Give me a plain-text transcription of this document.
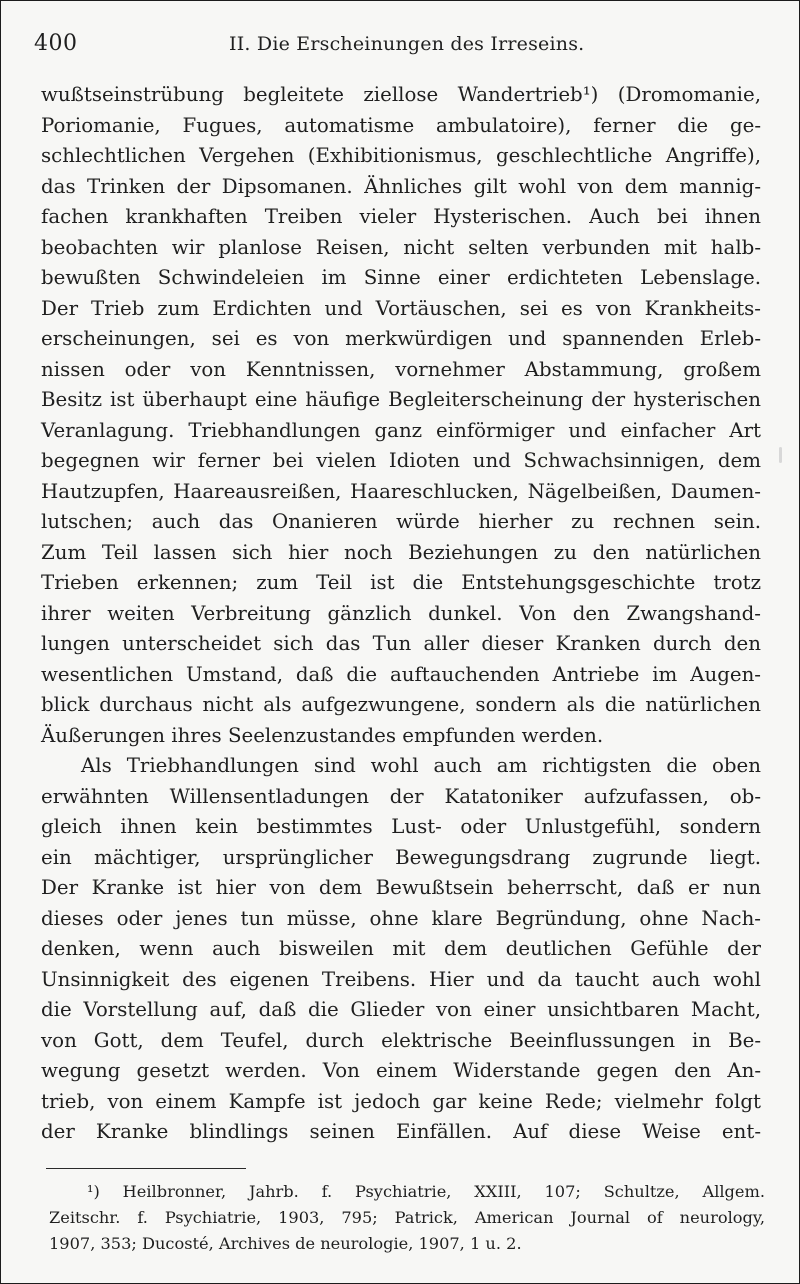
400	II. Die Erscheinungen des Irreseins.
wußtseinstrübung begleitete ziellose Wandertrieb¹) (Dromomanie,
Poriomanie, Fugues, automatisme ambulatoire), ferner die ge-
schlechtlichen Vergehen (Exhibitionismus, geschlechtliche Angriffe),
das Trinken der Dipsomanen. Ähnliches gilt wohl von dem mannig-
fachen krankhaften Treiben vieler Hysterischen. Auch bei ihnen
beobachten wir planlose Reisen, nicht selten verbunden mit halb-
bewußten Schwindeleien im Sinne einer erdichteten Lebenslage.
Der Trieb zum Erdichten und Vortäuschen, sei es von Krankheits-
erscheinungen, sei es von merkwürdigen und spannenden Erleb-
nissen oder von Kenntnissen, vornehmer Abstammung, großem
Besitz ist überhaupt eine häufige Begleiterscheinung der hysterischen
Veranlagung. Triebhandlungen ganz einförmiger und einfacher Art
begegnen wir ferner bei vielen Idioten und Schwachsinnigen, dem
Hautzupfen, Haareausreißen, Haareschlucken, Nägelbeißen, Daumen-
lutschen; auch das Onanieren würde hierher zu rechnen sein.
Zum Teil lassen sich hier noch Beziehungen zu den natürlichen
Trieben erkennen; zum Teil ist die Entstehungsgeschichte trotz
ihrer weiten Verbreitung gänzlich dunkel. Von den Zwangshand-
lungen unterscheidet sich das Tun aller dieser Kranken durch den
wesentlichen Umstand, daß die auftauchenden Antriebe im Augen-
blick durchaus nicht als aufgezwungene, sondern als die natürlichen
Äußerungen ihres Seelenzustandes empfunden werden.
Als Triebhandlungen sind wohl auch am richtigsten die oben
erwähnten Willensentladungen der Katatoniker aufzufassen, ob-
gleich ihnen kein bestimmtes Lust- oder Unlustgefühl, sondern
ein mächtiger, ursprünglicher Bewegungsdrang zugrunde liegt.
Der Kranke ist hier von dem Bewußtsein beherrscht, daß er nun
dieses oder jenes tun müsse, ohne klare Begründung, ohne Nach-
denken, wenn auch bisweilen mit dem deutlichen Gefühle der
Unsinnigkeit des eigenen Treibens. Hier und da taucht auch wohl
die Vorstellung auf, daß die Glieder von einer unsichtbaren Macht,
von Gott, dem Teufel, durch elektrische Beeinflussungen in Be-
wegung gesetzt werden. Von einem Widerstande gegen den An-
trieb, von einem Kampfe ist jedoch gar keine Rede; vielmehr folgt
der Kranke blindlings seinen Einfällen. Auf diese Weise ent-
¹) Heilbronner, Jahrb. f. Psychiatrie, XXIII, 107; Schultze, Allgem.
Zeitschr. f. Psychiatrie, 1903, 795; Patrick, American Journal of neurology,
1907, 353; Ducosté, Archives de neurologie, 1907, 1 u. 2.
